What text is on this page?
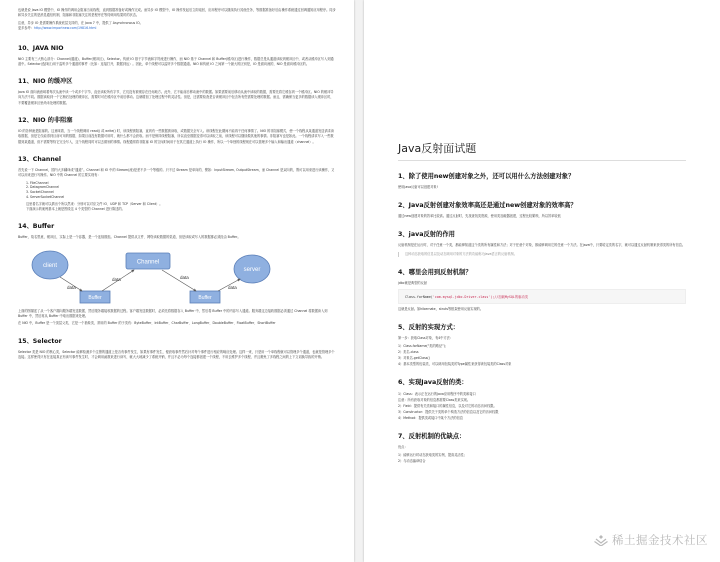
也就是说 Java IO 模型中，IO 操作的调用会阻塞当前线程，直到数据准备好或操作完成。而异步 IO 模型中，IO 操作发起后立即返回，应用程序可以继续执行其他任务，等数据准备好后由操作系统通过回调通知应用程序。同步和异步关注的是消息通信机制，阻塞和非阻塞关注的是程序在等待调用结果时的状态。

注意，异步 IO 是需要操作系统底层支持的，在 Java 7 中，提供了 Asynchronous IO。

更多参考：http://www.importnew.com/19816.html

10、JAVA NIO

NIO 主要有三大核心部分：Channel(通道)，Buffer(缓冲区)，Selector。传统 IO 基于字节流和字符流进行操作，而 NIO 基于 Channel 和 Buffer(缓冲区)进行操作，数据总是从通道读取到缓冲区中，或者从缓冲区写入到通道中。Selector(选择区)用于监听多个通道的事件（比如：连接打开，数据到达）。因此，单个线程可以监听多个数据通道。NIO 和传统 IO 之间第一个最大的区别是，IO 是面向流的，NIO 是面向缓冲区的。

11、NIO 的缓冲区

Java IO 面向流意味着每次从流中读一个或多个字节，直至读取所有字节，它们没有被缓存在任何地方。此外，它不能前后移动流中的数据。如果需要前后移动从流中读取的数据，需要先将它缓存到一个缓冲区。NIO 的缓冲导向方法不同。数据读取到一个它稍后处理的缓冲区，需要时可在缓冲区中前后移动。这就增加了处理过程中的灵活性。但是，还需要检查是否该缓冲区中包含所有您需要处理的数据。而且，需确保当更多的数据读入缓冲区时，不要覆盖缓冲区里尚未处理的数据。

12、NIO 的非阻塞

IO 的各种流是阻塞的。这意味着，当一个线程调用 read() 或 write() 时，该线程被阻塞，直到有一些数据被读取，或数据完全写入。该线程在此期间不能再干任何事情了。NIO 的非阻塞模式，使一个线程从某通道发送请求读取数据，但是它仅能得到目前可用的数据，如果目前没有数据可用时，就什么都不会获取。而不是保持线程阻塞，所以直至数据变得可以读取之前，该线程可以继续做其他的事情。非阻塞写也是如此。一个线程请求写入一些数据到某通道，但不需要等待它完全写入，这个线程同时可以去做别的事情。线程通常将非阻塞 IO 的空闲时间用于在其它通道上执行 IO 操作，所以一个单独的线程现在可以管理多个输入和输出通道（channel）。

13、Channel

首先说一下 Channel，国内大多翻译成“通道”。Channel 和 IO 中的 Stream(流)是差不多一个等级的。只不过 Stream 是单向的，譬如：InputStream, OutputStream，而 Channel 是双向的，既可以用来进行读操作，又可以用来进行写操作。NIO 中的 Channel 的主要实现有：

1. FileChannel
2. DatagramChannel
3. SocketChannel
4. ServerSocketChannel

这里看名字就可以猜出个所以然来：分别可以对应文件 IO、UDP 和 TCP（Server 和 Client）。

下面演示的案例基本上就是围绕这 4 个类型的 Channel 进行陈述的。

14、Buffer

Buffer，故名思意，缓冲区，实际上是一个容器，是一个连续数组。Channel 提供从文件、网络读取数据的渠道，但是读取或写入的数据都必须经由 Buffer。

client
Channel
server
Buffer	Buffer
data
data	data
data

上面的图描述了从一个客户端向服务端发送数据，然后服务端接收数据的过程。客户端发送数据时，必须先将数据存入 Buffer 中，然后将 Buffer 中的内容写入通道。服务端这边接收数据必须通过 Channel 将数据读入到 Buffer 中，然后再从 Buffer 中取出数据来处理。

在 NIO 中，Buffer 是一个顶层父类，它是一个抽象类，常用的 Buffer 的子类有：ByteBuffer、IntBuffer、CharBuffer、LongBuffer、DoubleBuffer、FloatBuffer、ShortBuffer

15、Selector

Selector 类是 NIO 的核心类，Selector 能够检测多个注册的通道上是否有事件发生，如果有事件发生，便获取事件然后针对每个事件进行相应的响应处理。这样一来，只是用一个单线程就可以管理多个通道，也就是管理多个连接。这样使得只有在连接真正有读写事件发生时，才会调用函数来进行读写，就大大地减少了系统开销，并且不必为每个连接都创建一个线程，不用去维护多个线程，并且避免了多线程之间的上下文切换导致的开销。

Java反射面试题
1、除了使用new创建对象之外，还可以用什么方法创建对象？

使用Java反射可以创建对象!

2、Java反射创建对象效率高还是通过new创建对象的效率高？

通过new创建对象的效率比较高。通过反射时，先找查找类资源，使用类加载器创建，过程比较繁琐，所以效率较低

3、java反射的作用

反射机制是在运行时，对于任意一个类，都能够知道这个类的所有属性和方法；对于任意个对象，都能够调用它的任意一个方法。在java中，只要给定类的名字，就可以通过反射机制来获得类的所有信息。

这种动态获取的信息以及动态调用对象的方法的功能称为Java语言的反射机制。

4、哪里会用到反射机制？

jdbc就是典型的反射

Class.forName('com.mysql.jdbc.Driver.class');//加载MySQL的驱动类

这就是反射。如hibernate，struts等框架使用反射实现的。

5、反射的实现方式：

第一步：获取Class对象，有4中方法：

1）Class.forName(“类的路径”)；
2）类名.class
3）对象名.getClass()
4）基本类型的包装类，可以调用包装类的Type属性来获得该包装类的Class对象
6、实现Java反射的类：
1）Class：表示正在运行的Java应用程序中的类和接口
注意：所有获取对象的信息都需要Class类来实现。
2）Field：提供有关类和接口的属性信息，以及对它的动态访问权限。
3）Constructor：提供关于类的单个构造方法的信息以及它的访问权限
4）Method：提供类或接口中某个方法的信息
7、反射机制的优缺点：

优点：

1）能够运行时动态获取类的实例，提高灵活性；
2）与动态编译结合
稀土掘金技术社区
